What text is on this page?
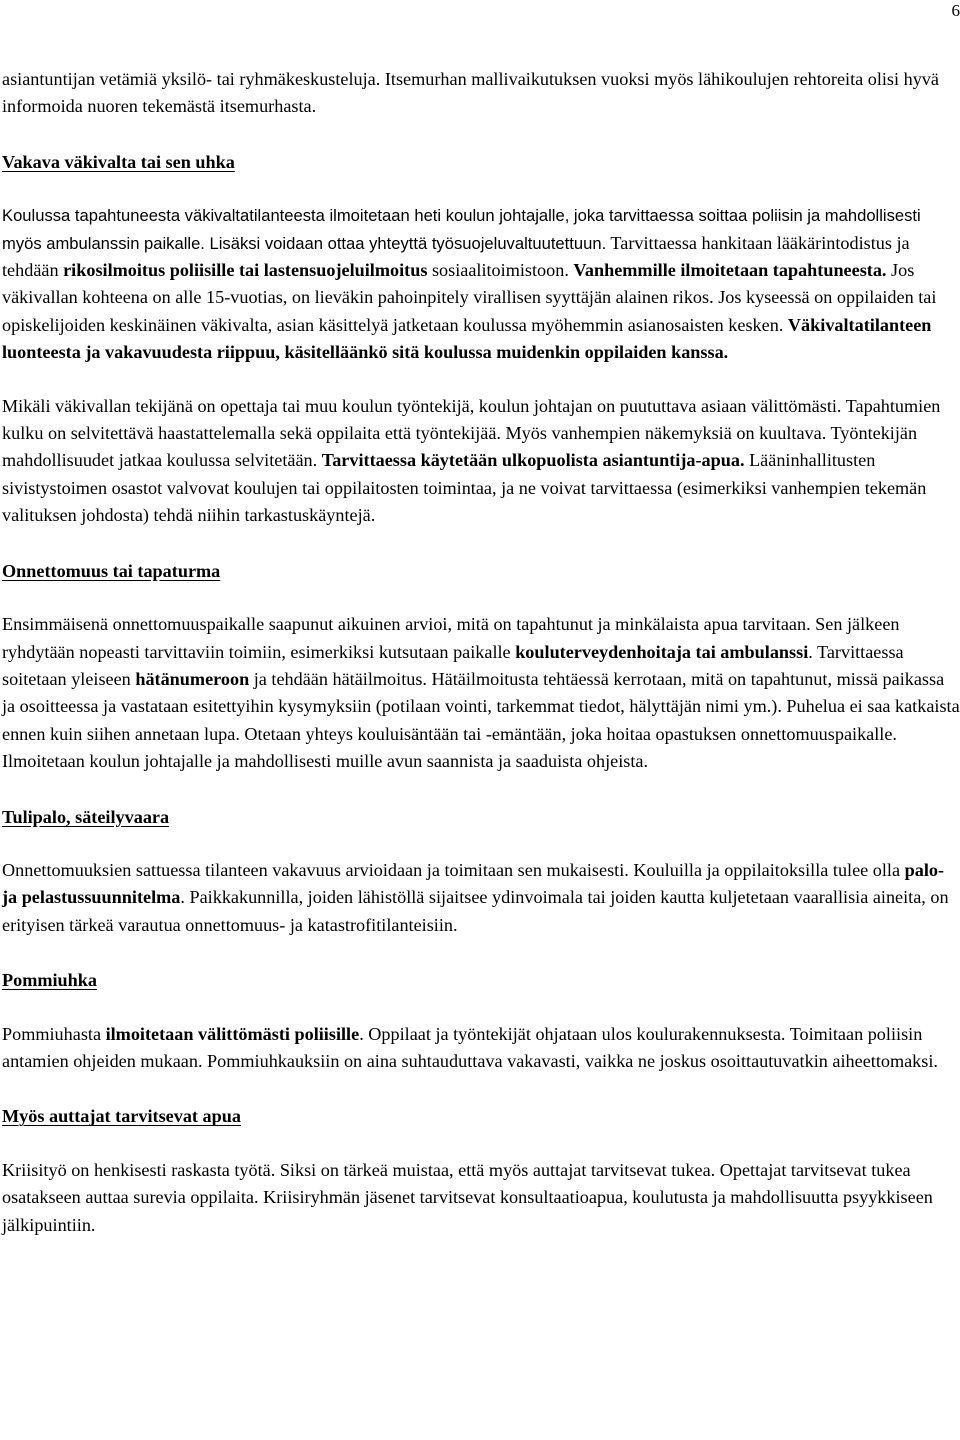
6

asiantuntijan vetämiä yksilö- tai ryhmäkeskusteluja. Itsemurhan mallivaikutuksen vuoksi myös lähikoulujen rehtoreita olisi hyvä informoida nuoren tekemästä itsemurhasta.

Vakava väkivalta tai sen uhka

Koulussa tapahtuneesta väkivaltatilanteesta ilmoitetaan heti koulun johtajalle, joka tarvittaessa soittaa poliisin ja mahdollisesti myös ambulanssin paikalle. Lisäksi voidaan ottaa yhteyttä työsuojeluvaltuutettuun. Tarvittaessa hankitaan lääkärintodistus ja tehdään rikosilmoitus poliisille tai lastensuojeluilmoitus sosiaalitoimistoon. Vanhemmille ilmoitetaan tapahtuneesta. Jos väkivallan kohteena on alle 15-vuotias, on lieväkin pahoinpitely virallisen syyttäjän alainen rikos. Jos kyseessä on oppilaiden tai opiskelijoiden keskinäinen väkivalta, asian käsittelyä jatketaan koulussa myöhemmin asianosaisten kesken. Väkivaltatilanteen luonteesta ja vakavuudesta riippuu, käsitelläänkö sitä koulussa muidenkin oppilaiden kanssa.

Mikäli väkivallan tekijänä on opettaja tai muu koulun työntekijä, koulun johtajan on puututtava asiaan välittömästi. Tapahtumien kulku on selvitettävä haastattelemalla sekä oppilaita että työntekijää. Myös vanhempien näkemyksiä on kuultava. Työntekijän mahdollisuudet jatkaa koulussa selvitetään. Tarvittaessa käytetään ulkopuolista asiantuntija-apua. Lääninhallitusten sivistystoimen osastot valvovat koulujen tai oppilaitosten toimintaa, ja ne voivat tarvittaessa (esimerkiksi vanhempien tekemän valituksen johdosta) tehdä niihin tarkastuskäyntejä.

Onnettomuus tai tapaturma

Ensimmäisenä onnettomuuspaikalle saapunut aikuinen arvioi, mitä on tapahtunut ja minkälaista apua tarvitaan. Sen jälkeen ryhdytään nopeasti tarvittaviin toimiin, esimerkiksi kutsutaan paikalle kouluterveydenhoitaja tai ambulanssi. Tarvittaessa soitetaan yleiseen hätänumeroon ja tehdään hätäilmoitus. Hätäilmoitusta tehtäessä kerrotaan, mitä on tapahtunut, missä paikassa ja osoitteessa ja vastataan esitettyihin kysymyksiin (potilaan vointi, tarkemmat tiedot, hälyttäjän nimi ym.). Puhelua ei saa katkaista ennen kuin siihen annetaan lupa. Otetaan yhteys kouluisäntään tai -emäntään, joka hoitaa opastuksen onnettomuuspaikalle. Ilmoitetaan koulun johtajalle ja mahdollisesti muille avun saannista ja saaduista ohjeista.

Tulipalo, säteilyvaara

Onnettomuuksien sattuessa tilanteen vakavuus arvioidaan ja toimitaan sen mukaisesti. Kouluilla ja oppilaitoksilla tulee olla palo- ja pelastussuunnitelma. Paikkakunnilla, joiden lähistöllä sijaitsee ydinvoimala tai joiden kautta kuljetetaan vaarallisia aineita, on erityisen tärkeä varautua onnettomuus- ja katastrofitilanteisiin.

Pommiuhka

Pommiuhasta ilmoitetaan välittömästi poliisille. Oppilaat ja työntekijät ohjataan ulos koulurakennuksesta. Toimitaan poliisin antamien ohjeiden mukaan. Pommiuhkauksiin on aina suhtauduttava vakavasti, vaikka ne joskus osoittautuvatkin aiheettomaksi.

Myös auttajat tarvitsevat apua

Kriisityö on henkisesti raskasta työtä. Siksi on tärkeä muistaa, että myös auttajat tarvitsevat tukea. Opettajat tarvitsevat tukea osatakseen auttaa surevia oppilaita. Kriisiryhmän jäsenet tarvitsevat konsultaatioapua, koulutusta ja mahdollisuutta psyykkiseen jälkipuintiin.
